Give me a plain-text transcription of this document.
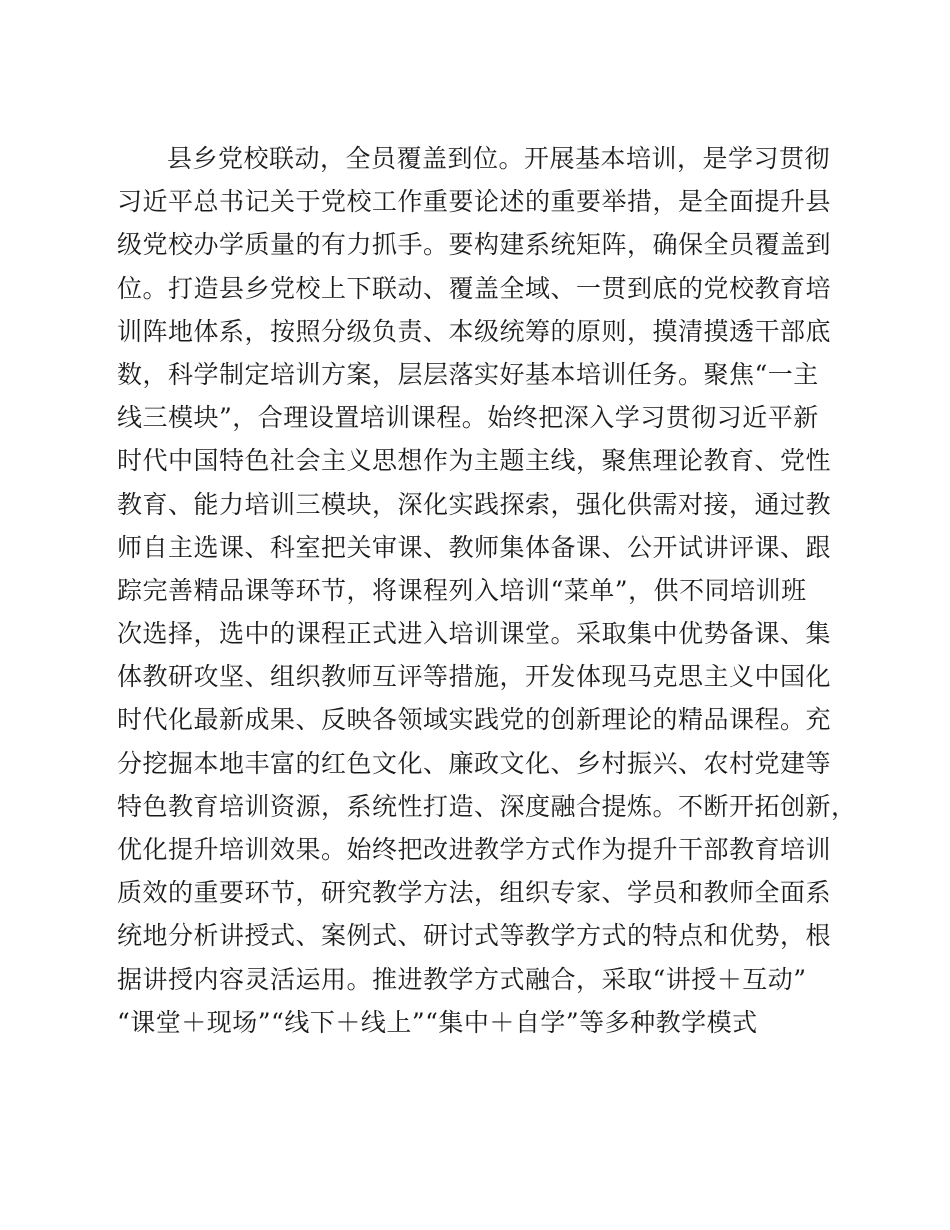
县乡党校联动，全员覆盖到位。开展基本培训，是学习贯彻
习近平总书记关于党校工作重要论述的重要举措，是全面提升县
级党校办学质量的有力抓手。要构建系统矩阵，确保全员覆盖到
位。打造县乡党校上下联动、覆盖全域、一贯到底的党校教育培
训阵地体系，按照分级负责、本级统筹的原则，摸清摸透干部底
数，科学制定培训方案，层层落实好基本培训任务。聚焦“一主
线三模块”，合理设置培训课程。始终把深入学习贯彻习近平新
时代中国特色社会主义思想作为主题主线，聚焦理论教育、党性
教育、能力培训三模块，深化实践探索，强化供需对接，通过教
师自主选课、科室把关审课、教师集体备课、公开试讲评课、跟
踪完善精品课等环节，将课程列入培训“菜单”，供不同培训班
次选择，选中的课程正式进入培训课堂。采取集中优势备课、集
体教研攻坚、组织教师互评等措施，开发体现马克思主义中国化
时代化最新成果、反映各领域实践党的创新理论的精品课程。充
分挖掘本地丰富的红色文化、廉政文化、乡村振兴、农村党建等
特色教育培训资源，系统性打造、深度融合提炼。不断开拓创新，
优化提升培训效果。始终把改进教学方式作为提升干部教育培训
质效的重要环节，研究教学方法，组织专家、学员和教师全面系
统地分析讲授式、案例式、研讨式等教学方式的特点和优势，根
据讲授内容灵活运用。推进教学方式融合，采取“讲授＋互动”
“课堂＋现场”“线下＋线上”“集中＋自学”等多种教学模式
